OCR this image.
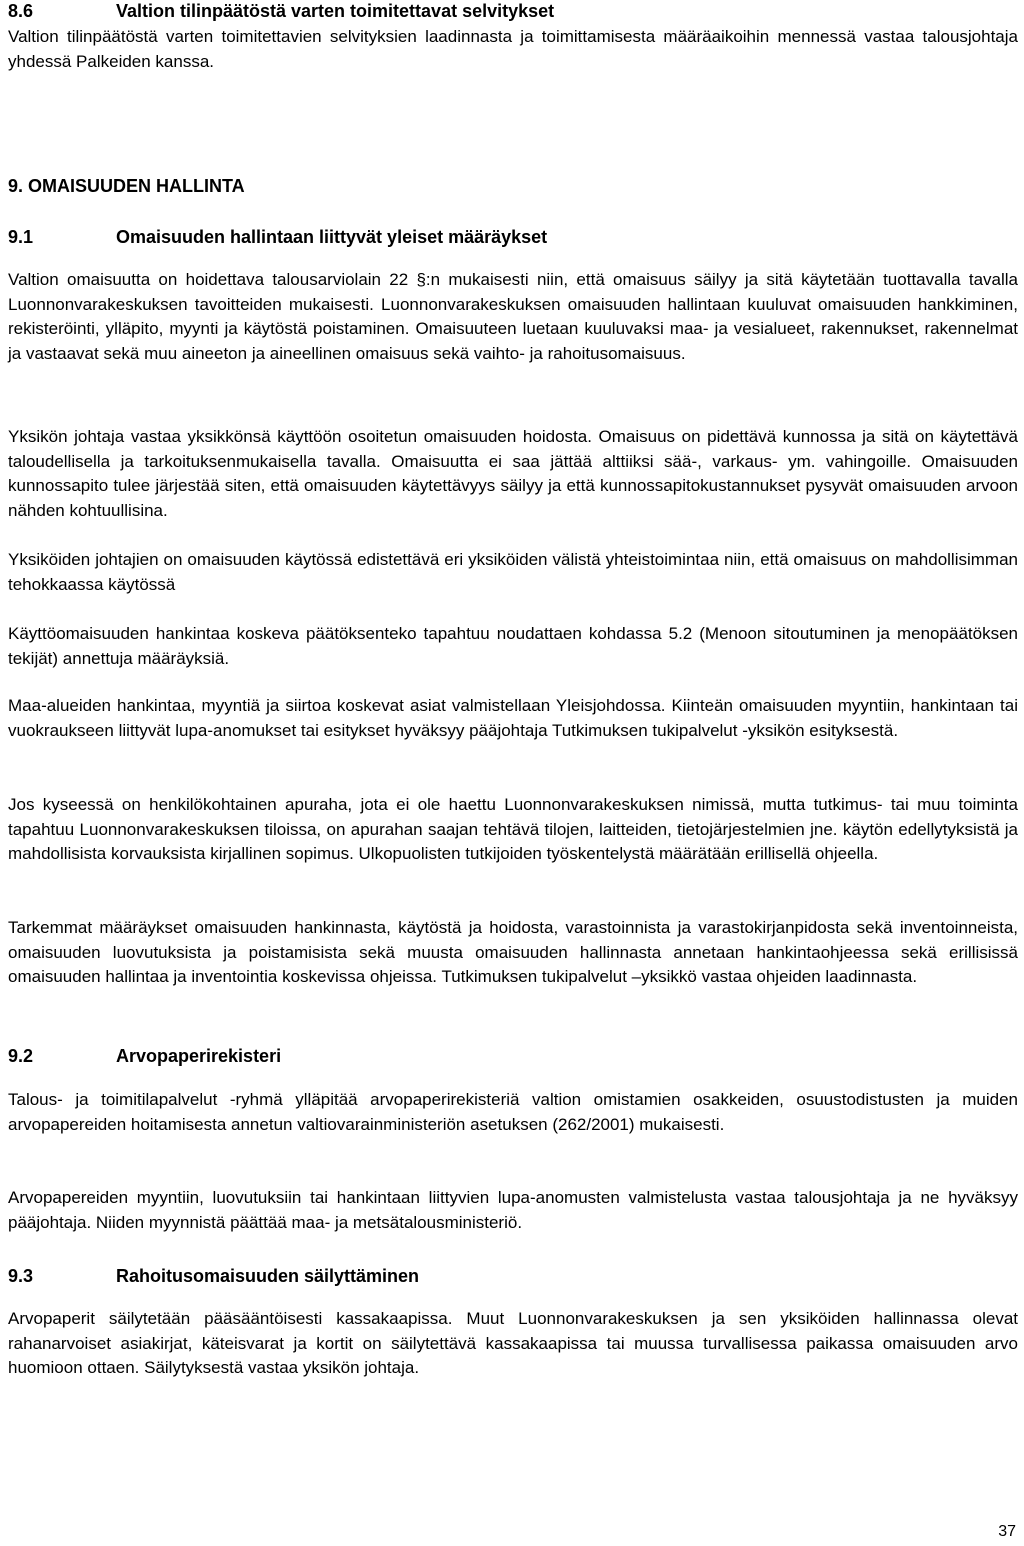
8.6	Valtion tilinpäätöstä varten toimitettavat selvitykset

Valtion tilinpäätöstä varten toimitettavien selvityksien laadinnasta ja toimittamisesta määräaikoihin mennessä vastaa talousjohtaja yhdessä Palkeiden kanssa.

9. OMAISUUDEN HALLINTA
9.1	Omaisuuden hallintaan liittyvät yleiset määräykset

Valtion omaisuutta on hoidettava talousarviolain 22 §:n mukaisesti niin, että omaisuus säilyy ja sitä käytetään tuottavalla tavalla Luonnonvarakeskuksen tavoitteiden mukaisesti. Luonnonvarakeskuksen omaisuuden hallintaan kuuluvat omaisuuden hankkiminen, rekisteröinti, ylläpito, myynti ja käytöstä poistaminen. Omaisuuteen luetaan kuuluvaksi maa- ja vesialueet, rakennukset, rakennelmat ja vastaavat sekä muu aineeton ja aineellinen omaisuus sekä vaihto- ja rahoitusomaisuus.

Yksikön johtaja vastaa yksikkönsä käyttöön osoitetun omaisuuden hoidosta. Omaisuus on pidettävä kunnossa ja sitä on käytettävä taloudellisella ja tarkoituksenmukaisella tavalla. Omaisuutta ei saa jättää alttiiksi sää-, varkaus- ym. vahingoille. Omaisuuden kunnossapito tulee järjestää siten, että omaisuuden käytettävyys säilyy ja että kunnossapitokustannukset pysyvät omaisuuden arvoon nähden kohtuullisina.

Yksiköiden johtajien on omaisuuden käytössä edistettävä eri yksiköiden välistä yhteistoimintaa niin, että omaisuus on mahdollisimman tehokkaassa käytössä

Käyttöomaisuuden hankintaa koskeva päätöksenteko tapahtuu noudattaen kohdassa 5.2 (Menoon sitoutuminen ja menopäätöksen tekijät) annettuja määräyksiä.

Maa-alueiden hankintaa, myyntiä ja siirtoa koskevat asiat valmistellaan Yleisjohdossa. Kiinteän omaisuuden myyntiin, hankintaan tai vuokraukseen liittyvät lupa-anomukset tai esitykset hyväksyy pääjohtaja Tutkimuksen tukipalvelut -yksikön esityksestä.

Jos kyseessä on henkilökohtainen apuraha, jota ei ole haettu Luonnonvarakeskuksen nimissä, mutta tutkimus- tai muu toiminta tapahtuu Luonnonvarakeskuksen tiloissa, on apurahan saajan tehtävä tilojen, laitteiden, tietojärjestelmien jne. käytön edellytyksistä ja mahdollisista korvauksista kirjallinen sopimus. Ulkopuolisten tutkijoiden työskentelystä määrätään erillisellä ohjeella.

Tarkemmat määräykset omaisuuden hankinnasta, käytöstä ja hoidosta, varastoinnista ja varastokirjanpidosta sekä inventoinneista, omaisuuden luovutuksista ja poistamisista sekä muusta omaisuuden hallinnasta annetaan hankintaohjeessa sekä erillisissä omaisuuden hallintaa ja inventointia koskevissa ohjeissa. Tutkimuksen tukipalvelut –yksikkö vastaa ohjeiden laadinnasta.

9.2	Arvopaperirekisteri

Talous- ja toimitilapalvelut -ryhmä ylläpitää arvopaperirekisteriä valtion omistamien osakkeiden, osuustodistusten ja muiden arvopapereiden hoitamisesta annetun valtiovarainministeriön asetuksen (262/2001) mukaisesti.

Arvopapereiden myyntiin, luovutuksiin tai hankintaan liittyvien lupa-anomusten valmistelusta vastaa talousjohtaja ja ne hyväksyy pääjohtaja. Niiden myynnistä päättää maa- ja metsätalousministeriö.

9.3	Rahoitusomaisuuden säilyttäminen

Arvopaperit säilytetään pääsääntöisesti kassakaapissa. Muut Luonnonvarakeskuksen ja sen yksiköiden hallinnassa olevat rahanarvoiset asiakirjat, käteisvarat ja kortit on säilytettävä kassakaapissa tai muussa turvallisessa paikassa omaisuuden arvo huomioon ottaen. Säilytyksestä vastaa yksikön johtaja.

37
